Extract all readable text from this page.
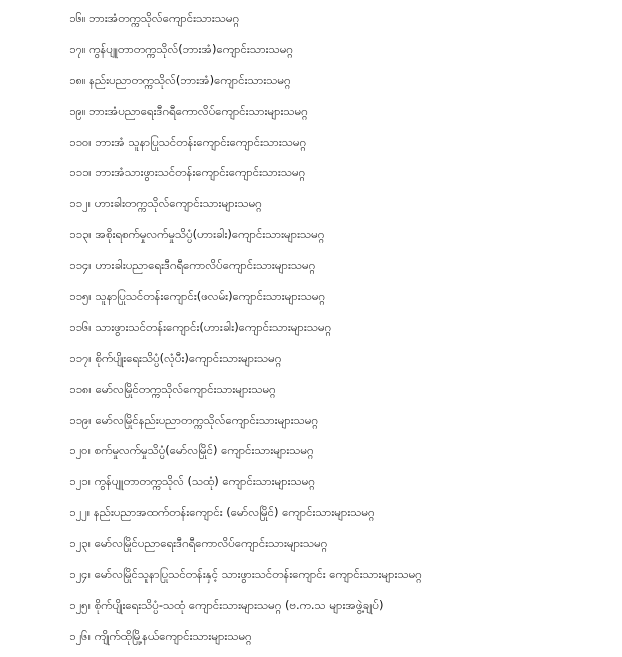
၁၆။ ဘားအံတက္ကသိုလ်ကျောင်းသားသမဂ္ဂ
၁၇။ ကွန်ပျူတာတက္ကသိုလ်(ဘားအံ)ကျောင်းသားသမဂ္ဂ
၁၈။ နည်းပညာတက္ကသိုလ်(ဘားအံ)ကျောင်းသားသမဂ္ဂ
၁၉။ ဘားအံပညာရေးဒီဂရီကောလိပ်ကျောင်းသားများသမဂ္ဂ
၁၁၀။ ဘားအံ သူနာပြုသင်တန်းကျောင်းကျောင်းသားသမဂ္ဂ
၁၁၁။ ဘားအံသားဖွားသင်တန်းကျောင်းကျောင်းသားသမဂ္ဂ
၁၁၂။ ဟားခါးတက္ကသိုလ်ကျောင်းသားများသမဂ္ဂ
၁၁၃။ အစိုးရစက်မှုလက်မှုသိပ္ပံ(ဟားခါး)ကျောင်းသားများသမဂ္ဂ
၁၁၄။ ဟားခါးပညာရေးဒီဂရီကောလိပ်ကျောင်းသားများသမဂ္ဂ
၁၁၅။ သူနာပြုသင်တန်းကျောင်း(ဖလမ်း)ကျောင်းသားများသမဂ္ဂ
၁၁၆။ သားဖွားသင်တန်းကျောင်း(ဟားခါး)ကျောင်းသားများသမဂ္ဂ
၁၁၇။ စိုက်ပျိုးရေးသိပ္ပံ(လုံပီး)ကျောင်းသားများသမဂ္ဂ
၁၁၈။ မော်လမြိုင်တက္ကသိုလ်ကျောင်းသားများသမဂ္ဂ
၁၁၉။ မော်လမြိုင်နည်းပညာတက္ကသိုလ်ကျောင်းသားများသမဂ္ဂ
၁၂၀။ စက်မှုလက်မှုသိပ္ပံ(မော်လမြိုင်) ကျောင်းသားများသမဂ္ဂ
၁၂၁။ ကွန်ပျူတာတက္ကသိုလ် (သထုံ) ကျောင်းသားများသမဂ္ဂ
၁၂၂။ နည်းပညာအထက်တန်းကျောင်း (မော်လမြိုင်) ကျောင်းသားများသမဂ္ဂ
၁၂၃။ မော်လမြိုင်ပညာရေးဒီဂရီကောလိပ်ကျောင်းသားများသမဂ္ဂ
၁၂၄။ မော်လမြိုင်သူနာပြုသင်တန်းနှင့် သားဖွားသင်တန်းကျောင်း ကျောင်းသားများသမဂ္ဂ
၁၂၅။ စိုက်ပျိုးရေးသိပ္ပံ-သထုံ ကျောင်းသားများသမဂ္ဂ (ဗ.က.သ များအဖွဲ့ချုပ်)
၁၂၆။ ကျိုက်ထိုမြို့နယ်ကျောင်းသားများသမဂ္ဂ
